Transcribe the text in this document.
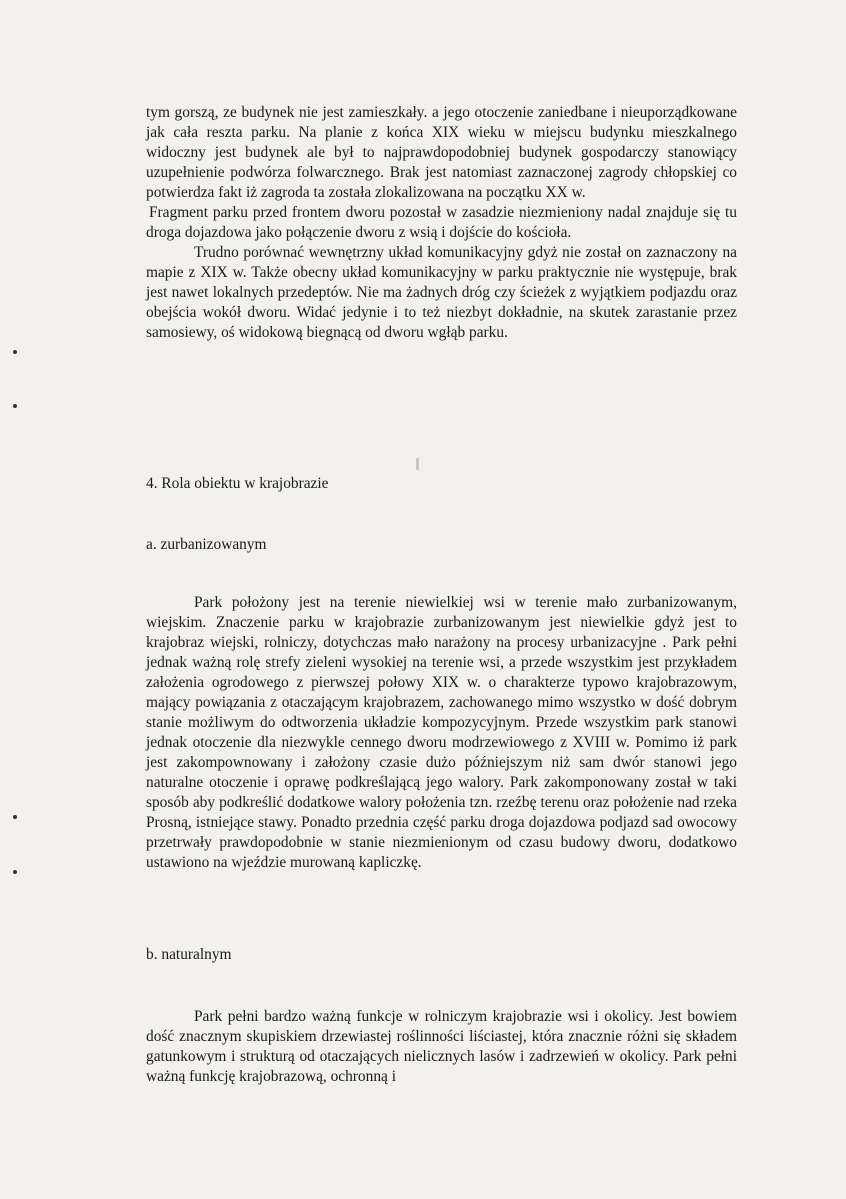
tym gorszą, ze budynek nie jest zamieszkały. a jego otoczenie zaniedbane i nieuporządkowane jak cała reszta parku. Na planie z końca XIX wieku w miejscu budynku mieszkalnego widoczny jest budynek ale był to najprawdopodobniej budynek gospodarczy stanowiący uzupełnienie podwórza folwarcznego. Brak jest natomiast zaznaczonej zagrody chłopskiej co potwierdza fakt iż zagroda ta została zlokalizowana na początku XX w.

Fragment parku przed frontem dworu pozostał w zasadzie niezmieniony nadal znajduje się tu droga dojazdowa jako połączenie dworu z wsią i dojście do kościoła.

Trudno porównać wewnętrzny układ komunikacyjny gdyż nie został on zaznaczony na mapie z XIX w. Także obecny układ komunikacyjny w parku praktycznie nie występuje, brak jest nawet lokalnych przedeptów. Nie ma żadnych dróg czy ścieżek z wyjątkiem podjazdu oraz obejścia wokół dworu. Widać jedynie i to też niezbyt dokładnie, na skutek zarastanie przez samosiewy, oś widokową biegnącą od dworu wgłąb parku.

4. Rola obiektu w krajobrazie
a. zurbanizowanym

Park położony jest na terenie niewielkiej wsi w terenie mało zurbanizowanym, wiejskim. Znaczenie parku w krajobrazie zurbanizowanym jest niewielkie gdyż jest to krajobraz wiejski, rolniczy, dotychczas mało narażony na procesy urbanizacyjne . Park pełni jednak ważną rolę strefy zieleni wysokiej na terenie wsi, a przede wszystkim jest przykładem założenia ogrodowego z pierwszej połowy XIX w. o charakterze typowo krajobrazowym, mający powiązania z otaczającym krajobrazem, zachowanego mimo wszystko w dość dobrym stanie możliwym do odtworzenia układzie kompozycyjnym. Przede wszystkim park stanowi jednak otoczenie dla niezwykle cennego dworu modrzewiowego z XVIII w. Pomimo iż park jest zakompownowany i założony czasie dużo późniejszym niż sam dwór stanowi jego naturalne otoczenie i oprawę podkreślającą jego walory. Park zakomponowany został w taki sposób aby podkreślić dodatkowe walory położenia tzn. rzeźbę terenu oraz położenie nad rzeka Prosną, istniejące stawy. Ponadto przednia część parku droga dojazdowa podjazd sad owocowy przetrwały prawdopodobnie w stanie niezmienionym od czasu budowy dworu, dodatkowo ustawiono na wjeździe murowaną kapliczkę.

b. naturalnym

Park pełni bardzo ważną funkcje w rolniczym krajobrazie wsi i okolicy. Jest bowiem dość znacznym skupiskiem drzewiastej roślinności liściastej, która znacznie różni się składem gatunkowym i strukturą od otaczających nielicznych lasów i zadrzewień w okolicy. Park pełni ważną funkcję krajobrazową, ochronną i
